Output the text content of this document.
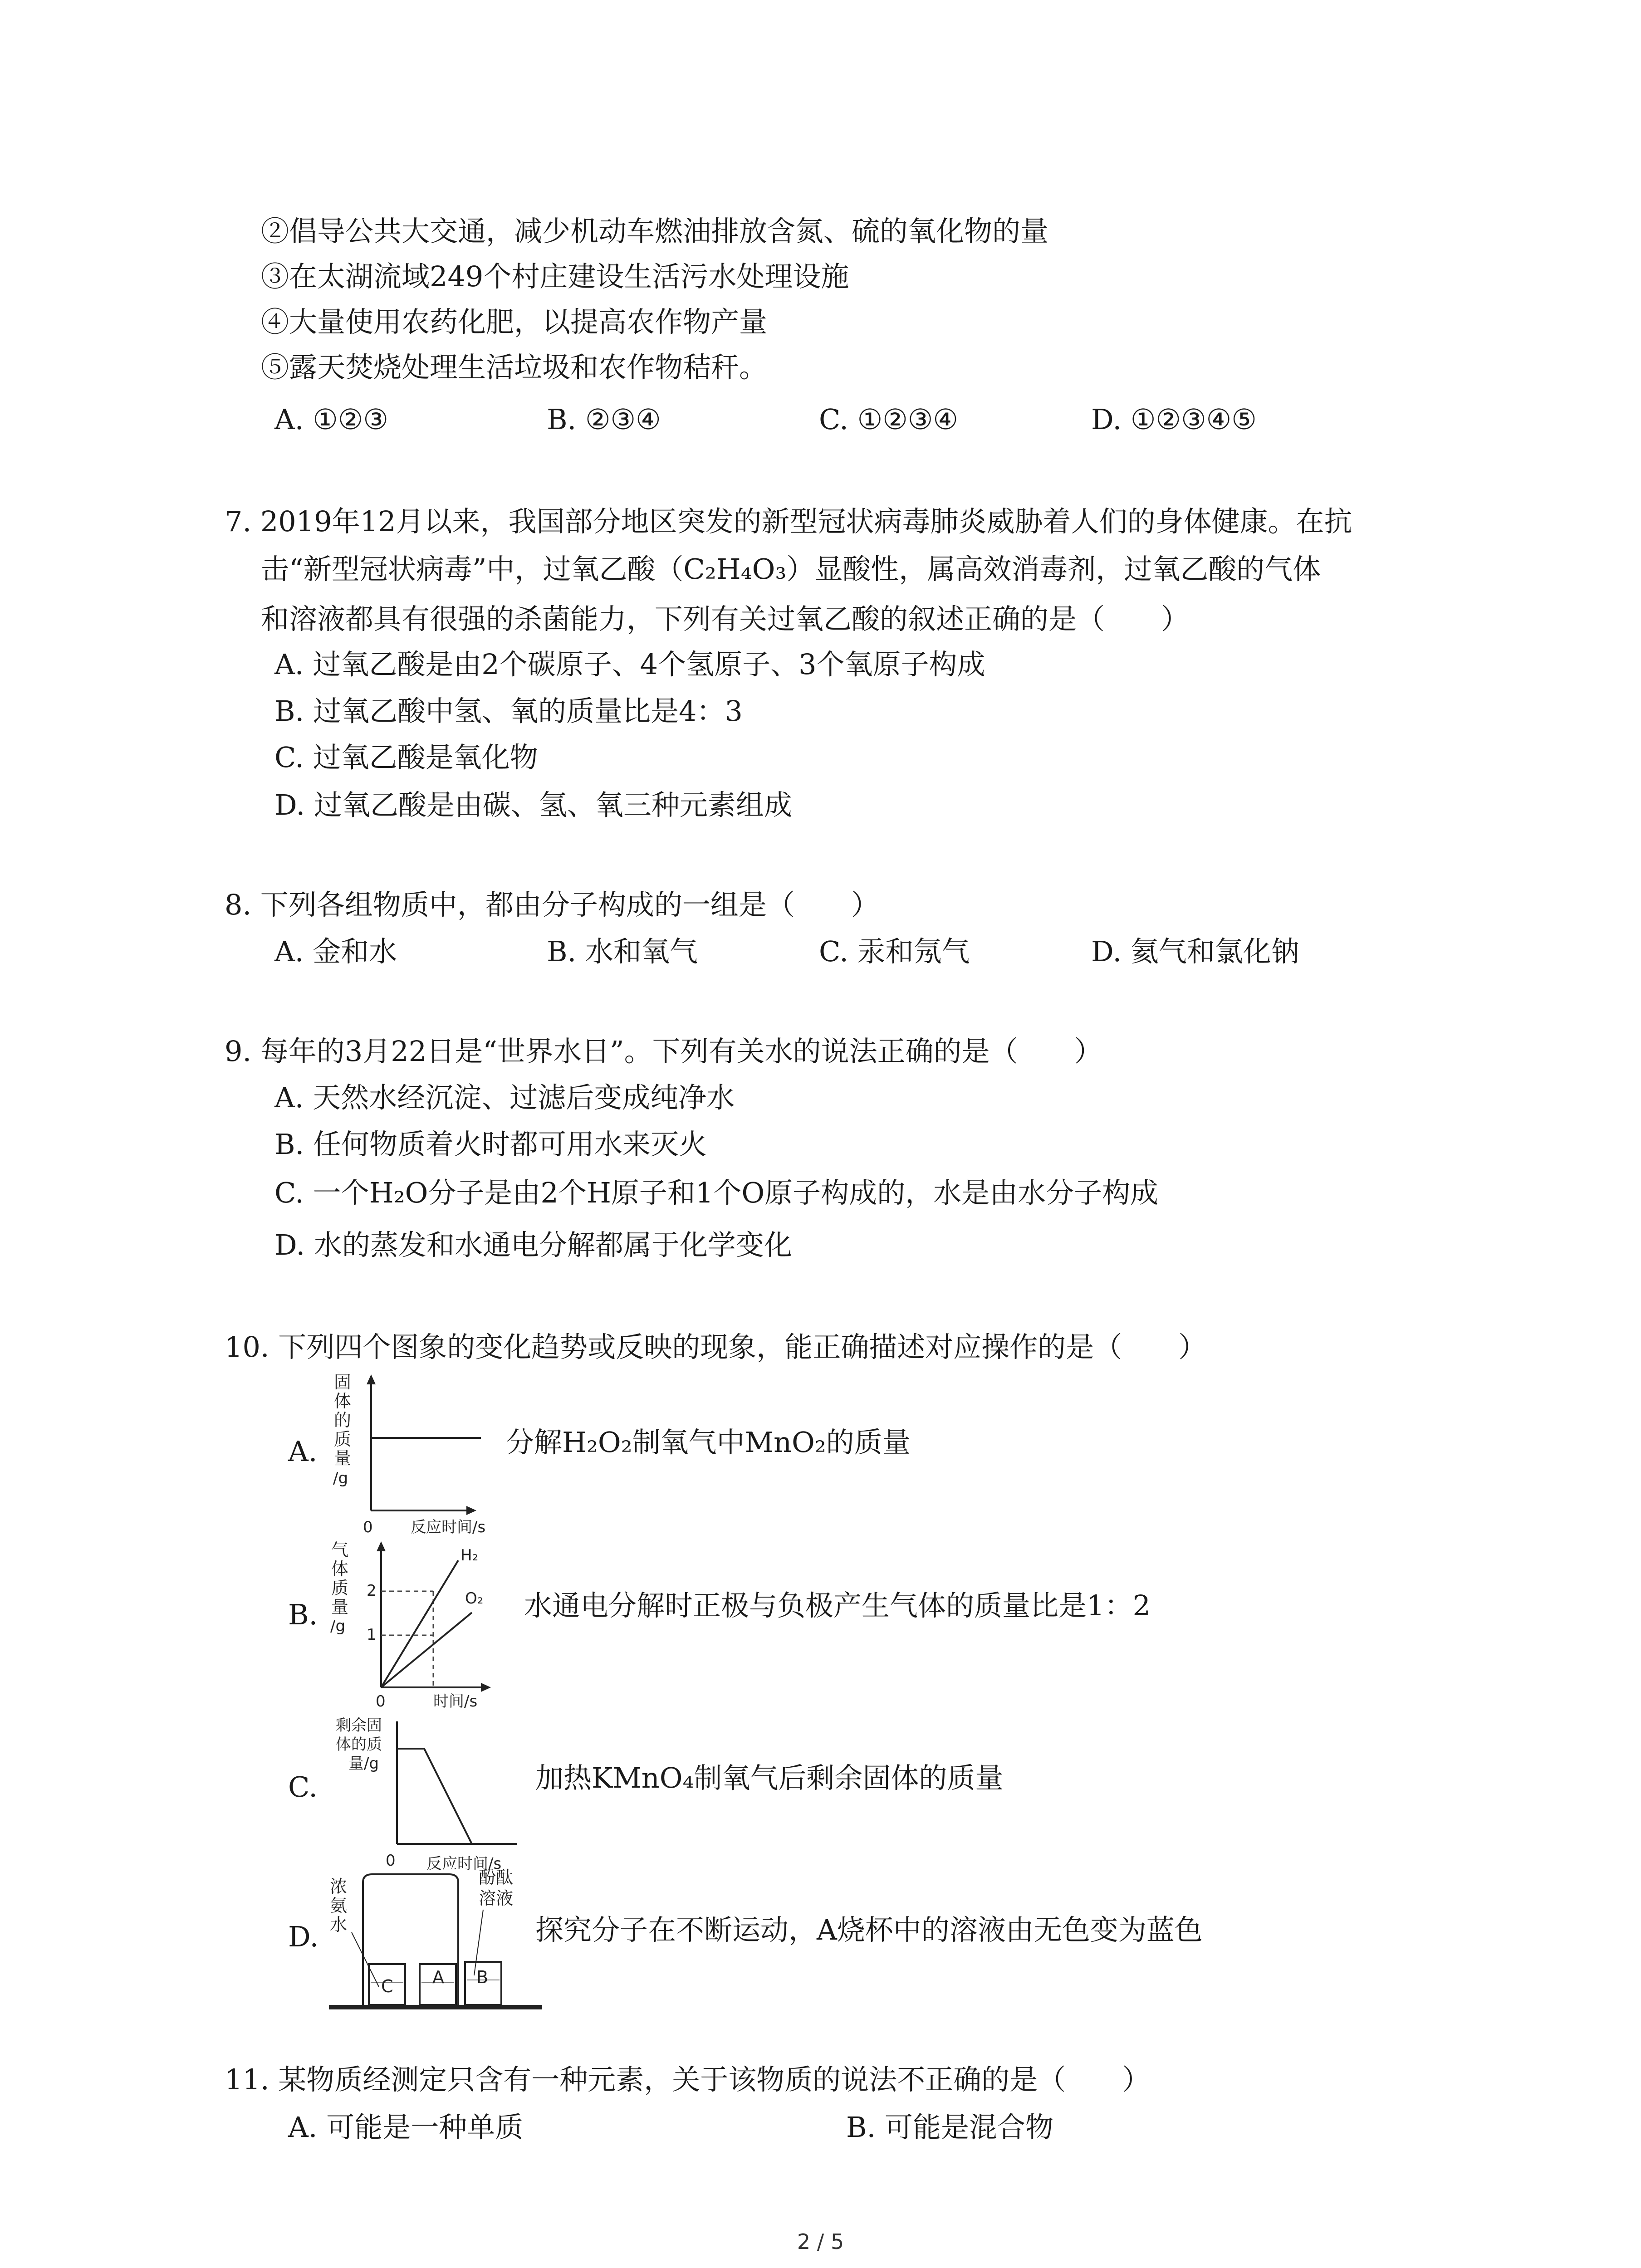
②倡导公共大交通，减少机动车燃油排放含氮、硫的氧化物的量
③在太湖流域249个村庄建设生活污水处理设施
④大量使用农药化肥，以提高农作物产量
⑤露天焚烧处理生活垃圾和农作物秸秆。
A. ①②③	B. ②③④	C. ①②③④	D. ①②③④⑤
7. 2019年12月以来，我国部分地区突发的新型冠状病毒肺炎威胁着人们的身体健康。在抗
击“新型冠状病毒”中，过氧乙酸（C₂H₄O₃）显酸性，属高效消毒剂，过氧乙酸的气体
和溶液都具有很强的杀菌能力，下列有关过氧乙酸的叙述正确的是（　　）
A. 过氧乙酸是由2个碳原子、4个氢原子、3个氧原子构成
B. 过氧乙酸中氢、氧的质量比是4：3
C. 过氧乙酸是氧化物
D. 过氧乙酸是由碳、氢、氧三种元素组成
8. 下列各组物质中，都由分子构成的一组是（　　）
A. 金和水	B. 水和氧气	C. 汞和氖气	D. 氦气和氯化钠
9. 每年的3月22日是“世界水日”。下列有关水的说法正确的是（　　）
A. 天然水经沉淀、过滤后变成纯净水
B. 任何物质着火时都可用水来灭火
C. 一个H₂O分子是由2个H原子和1个O原子构成的，水是由水分子构成
D. 水的蒸发和水通电分解都属于化学变化
10. 下列四个图象的变化趋势或反映的现象，能正确描述对应操作的是（　　）
A.
固
体
的
质
量
/g
0 反应时间/s
分解H₂O₂制氧气中MnO₂的质量
B.
气
体
质
量
/g
2
1
H₂
O₂
0	时间/s
水通电分解时正极与负极产生气体的质量比是1：2
C.
剩余固
体的质
量/g
0 反应时间/s
加热KMnO₄制氧气后剩余固体的质量
D.
浓
氨
水
酚酞
溶液
C A B
探究分子在不断运动，A烧杯中的溶液由无色变为蓝色
11. 某物质经测定只含有一种元素，关于该物质的说法不正确的是（　　）
A. 可能是一种单质	B. 可能是混合物
2 / 5
